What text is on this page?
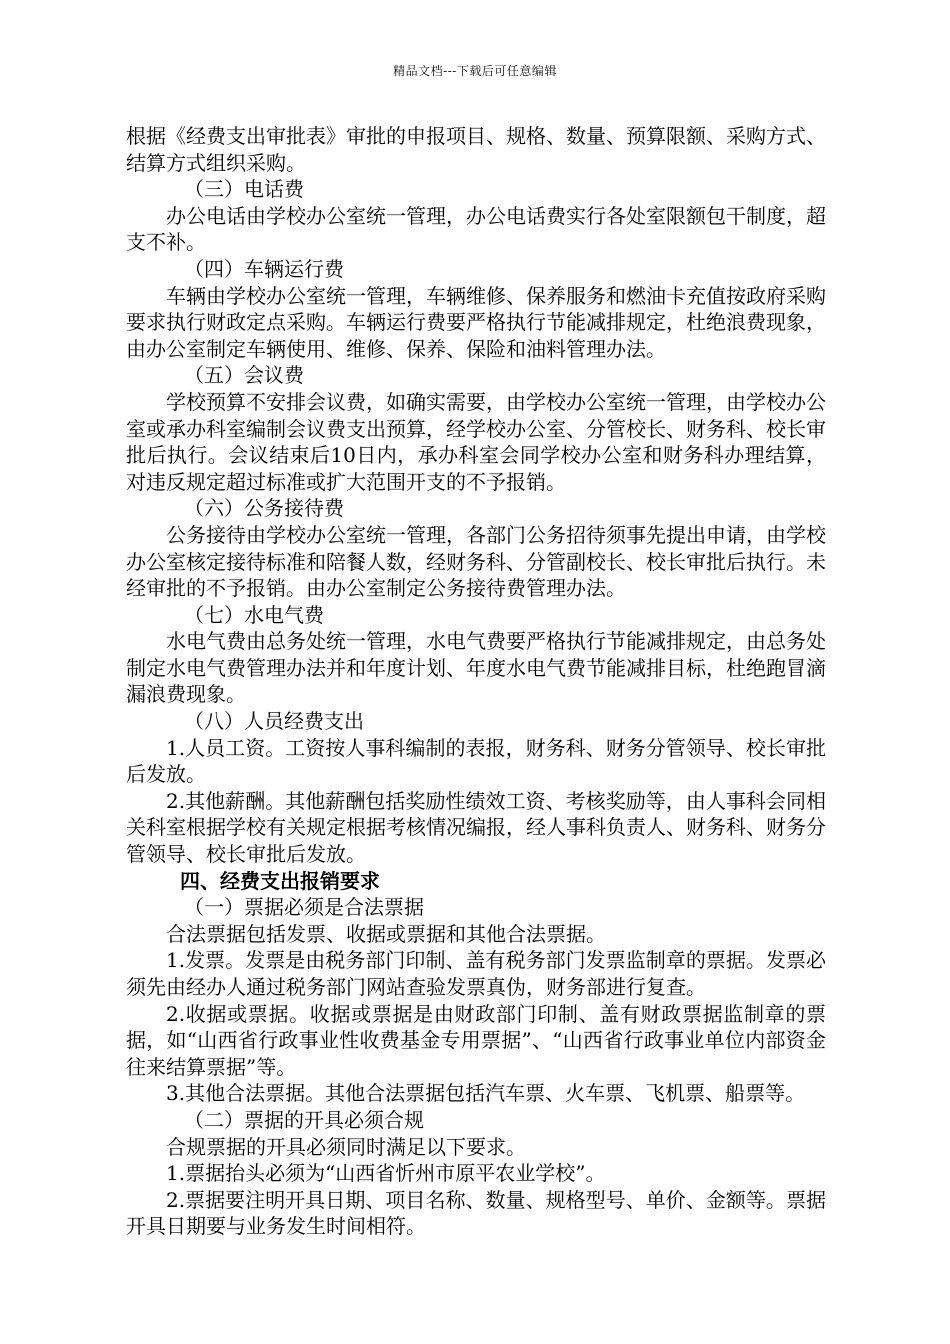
精品文档---下载后可任意编辑

根据《经费支出审批表》审批的申报项目、规格、数量、预算限额、采购方式、结算方式组织采购。

（三）电话费

办公电话由学校办公室统一管理，办公电话费实行各处室限额包干制度，超支不补。

（四）车辆运行费

车辆由学校办公室统一管理，车辆维修、保养服务和燃油卡充值按政府采购要求执行财政定点采购。车辆运行费要严格执行节能减排规定，杜绝浪费现象，由办公室制定车辆使用、维修、保养、保险和油料管理办法。

（五）会议费

学校预算不安排会议费，如确实需要，由学校办公室统一管理，由学校办公室或承办科室编制会议费支出预算，经学校办公室、分管校长、财务科、校长审批后执行。会议结束后10日内，承办科室会同学校办公室和财务科办理结算，对违反规定超过标准或扩大范围开支的不予报销。

（六）公务接待费

公务接待由学校办公室统一管理，各部门公务招待须事先提出申请，由学校办公室核定接待标准和陪餐人数，经财务科、分管副校长、校长审批后执行。未经审批的不予报销。由办公室制定公务接待费管理办法。

（七）水电气费

水电气费由总务处统一管理，水电气费要严格执行节能减排规定，由总务处制定水电气费管理办法并和年度计划、年度水电气费节能减排目标，杜绝跑冒滴漏浪费现象。

（八）人员经费支出

1.人员工资。工资按人事科编制的表报，财务科、财务分管领导、校长审批后发放。

2.其他薪酬。其他薪酬包括奖励性绩效工资、考核奖励等，由人事科会同相关科室根据学校有关规定根据考核情况编报，经人事科负责人、财务科、财务分管领导、校长审批后发放。

四、经费支出报销要求

（一）票据必须是合法票据

合法票据包括发票、收据或票据和其他合法票据。

1.发票。发票是由税务部门印制、盖有税务部门发票监制章的票据。发票必须先由经办人通过税务部门网站查验发票真伪，财务部进行复查。

2.收据或票据。收据或票据是由财政部门印制、盖有财政票据监制章的票据，如“山西省行政事业性收费基金专用票据”、“山西省行政事业单位内部资金往来结算票据”等。

3.其他合法票据。其他合法票据包括汽车票、火车票、飞机票、船票等。

（二）票据的开具必须合规

合规票据的开具必须同时满足以下要求。

1.票据抬头必须为“山西省忻州市原平农业学校”。

2.票据要注明开具日期、项目名称、数量、规格型号、单价、金额等。票据开具日期要与业务发生时间相符。
